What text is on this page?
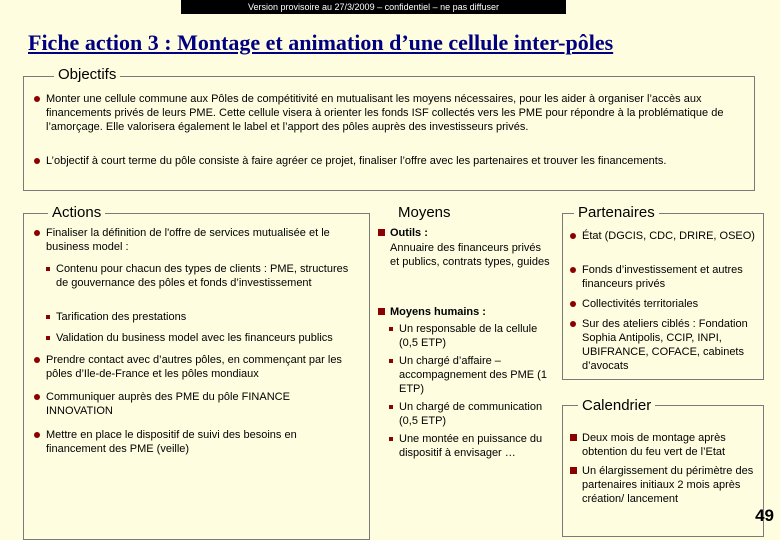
Version provisoire au 27/3/2009 – confidentiel – ne pas diffuser
Fiche action 3 : Montage et animation d’une cellule inter-pôles
Objectifs
Monter une cellule commune aux Pôles de compétitivité en mutualisant les moyens nécessaires, pour les aider à organiser l’accès aux financements privés de leurs PME. Cette cellule visera à orienter les fonds ISF collectés vers les PME pour répondre à la problématique de l’amorçage. Elle valorisera également le label et l’apport des pôles auprès des investisseurs privés.
L’objectif à court terme du pôle consiste à faire agréer ce projet, finaliser l’offre avec les partenaires et trouver les financements.
Actions
Finaliser la définition de l'offre de services mutualisée et le business model :
Contenu pour chacun des types de clients : PME, structures de gouvernance des pôles et fonds d’investissement
Tarification des prestations
Validation du business model avec les financeurs publics
Prendre contact avec d’autres pôles, en commençant par les pôles d’Ile-de-France et les pôles mondiaux
Communiquer auprès des PME du pôle FINANCE INNOVATION
Mettre en place le dispositif de suivi des besoins en financement des PME (veille)
Moyens
Outils :
Annuaire des financeurs privés et publics, contrats types, guides
Moyens humains :
Un responsable de la cellule (0,5 ETP)
Un chargé d’affaire – accompagnement des PME (1 ETP)
Un chargé de communication (0,5 ETP)
Une montée en puissance du dispositif à envisager …
Partenaires
État (DGCIS, CDC, DRIRE, OSEO)
Fonds d’investissement et autres financeurs privés
Collectivités territoriales
Sur des ateliers ciblés : Fondation Sophia Antipolis, CCIP, INPI, UBIFRANCE, COFACE, cabinets d’avocats
Calendrier
Deux mois de montage après obtention du feu vert de l’Etat
Un élargissement du périmètre des partenaires initiaux 2 mois après création/ lancement
49
